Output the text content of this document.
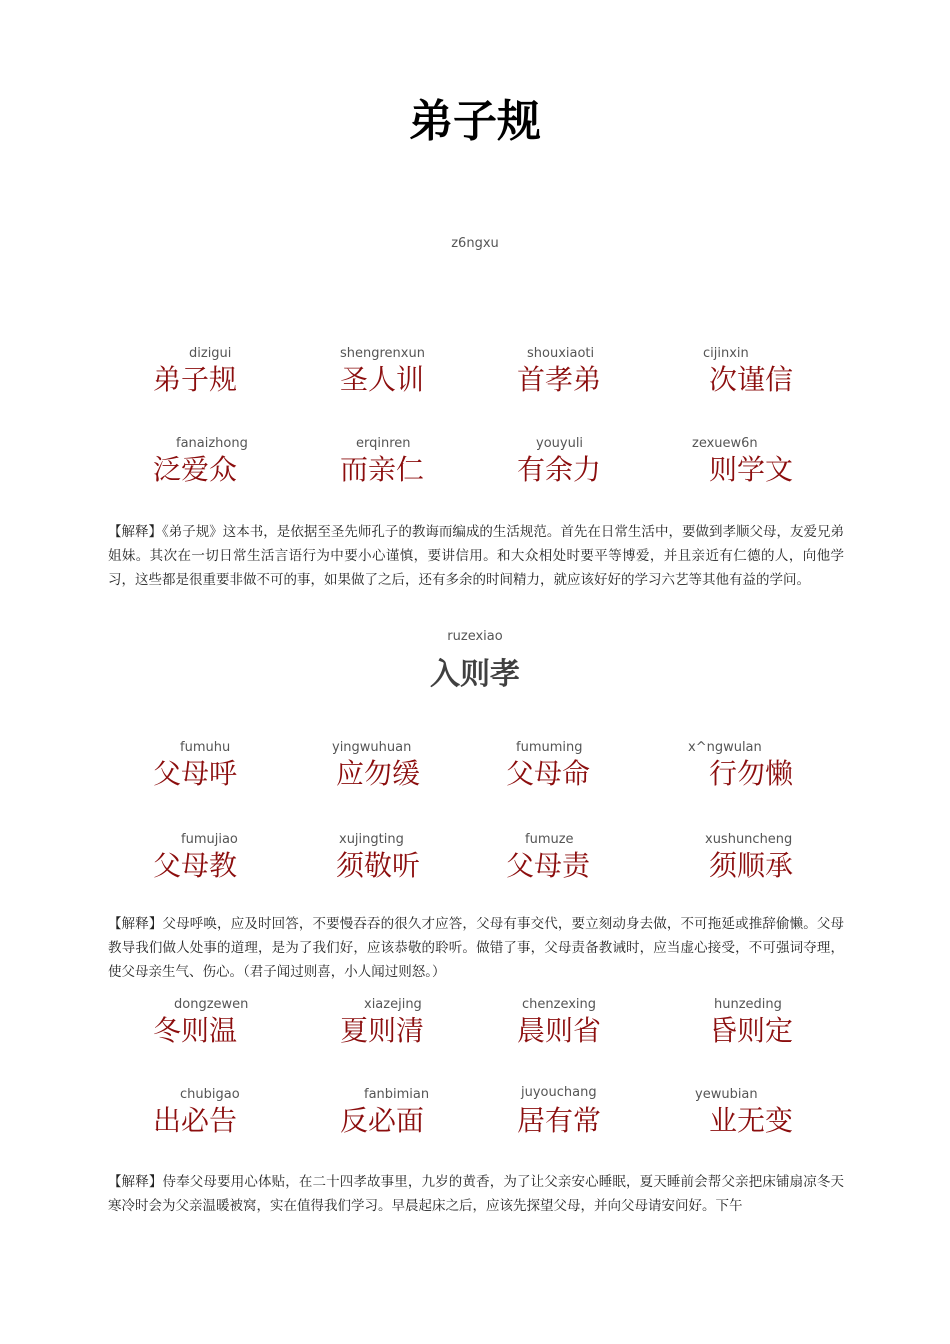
弟子规
z6ngxu
dizigui
弟子规
shengrenxun
圣人训
shouxiaoti
首孝弟
cijinxin
次谨信
fanaizhong
泛爱众
erqinren
而亲仁
youyuli
有余力
zexuew6n
则学文
【解释】《弟子规》这本书，是依据至圣先师孔子的教诲而编成的生活规范。首先在日常生活中，要做到孝顺父母，友爱兄弟姐妹。其次在一切日常生活言语行为中要小心谨慎，要讲信用。和大众相处时要平等博爱，并且亲近有仁德的人，向他学习，这些都是很重要非做不可的事，如果做了之后，还有多余的时间精力，就应该好好的学习六艺等其他有益的学问。
ruzexiao
入则孝
fumuhu
父母呼
yingwuhuan
应勿缓
fumuming
父母命
x^ngwulan
行勿懒
fumujiao
父母教
xujingting
须敬听
fumuze
父母责
xushuncheng
须顺承
【解释】父母呼唤，应及时回答，不要慢吞吞的很久才应答，父母有事交代，要立刻动身去做，不可拖延或推辞偷懒。父母教导我们做人处事的道理，是为了我们好，应该恭敬的聆听。做错了事，父母责备教诫时，应当虚心接受，不可强词夺理，使父母亲生气、伤心。（君子闻过则喜，小人闻过则怒。）
dongzewen
冬则温
xiazejing
夏则清
chenzexing
晨则省
hunzeding
昏则定
chubigao
出必告
fanbimian
反必面
juyouchang
居有常
yewubian
业无变
【解释】侍奉父母要用心体贴，在二十四孝故事里，九岁的黄香，为了让父亲安心睡眠，夏天睡前会帮父亲把床铺扇凉冬天寒冷时会为父亲温暖被窝，实在值得我们学习。早晨起床之后，应该先探望父母，并向父母请安问好。下午
